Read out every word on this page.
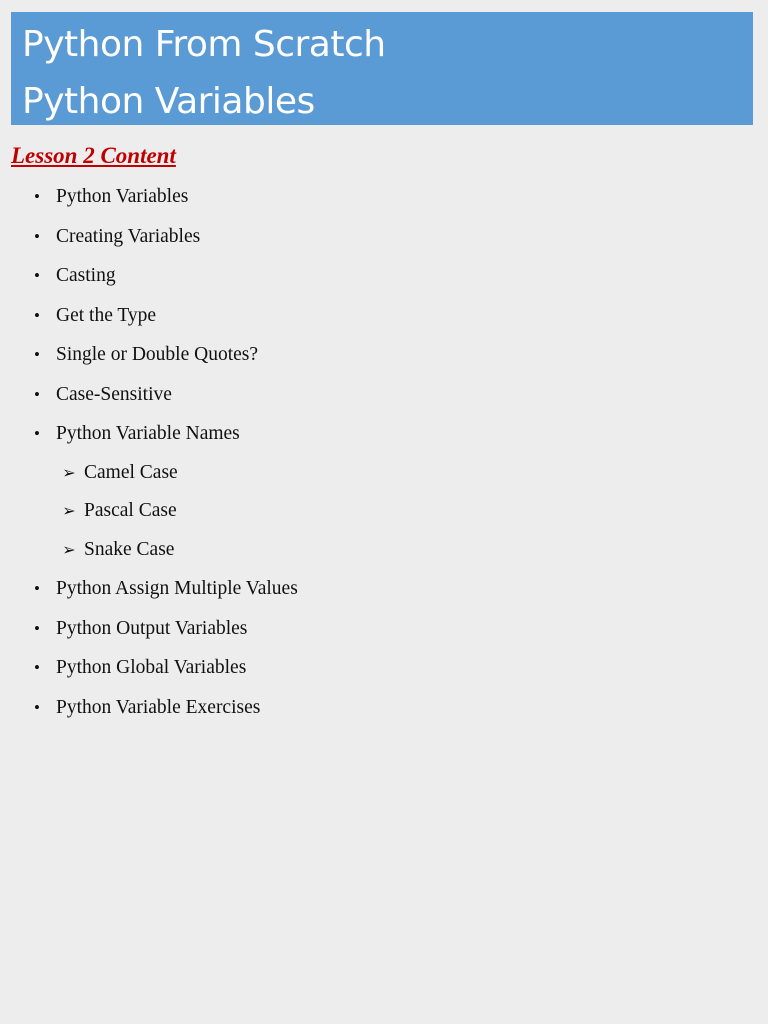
Python From Scratch
Python Variables
Lesson 2 Content
• Python Variables
• Creating Variables
• Casting
• Get the Type
• Single or Double Quotes?
• Case-Sensitive
• Python Variable Names
➢ Camel Case
➢ Pascal Case
➢ Snake Case
• Python Assign Multiple Values
• Python Output Variables
• Python Global Variables
• Python Variable Exercises
